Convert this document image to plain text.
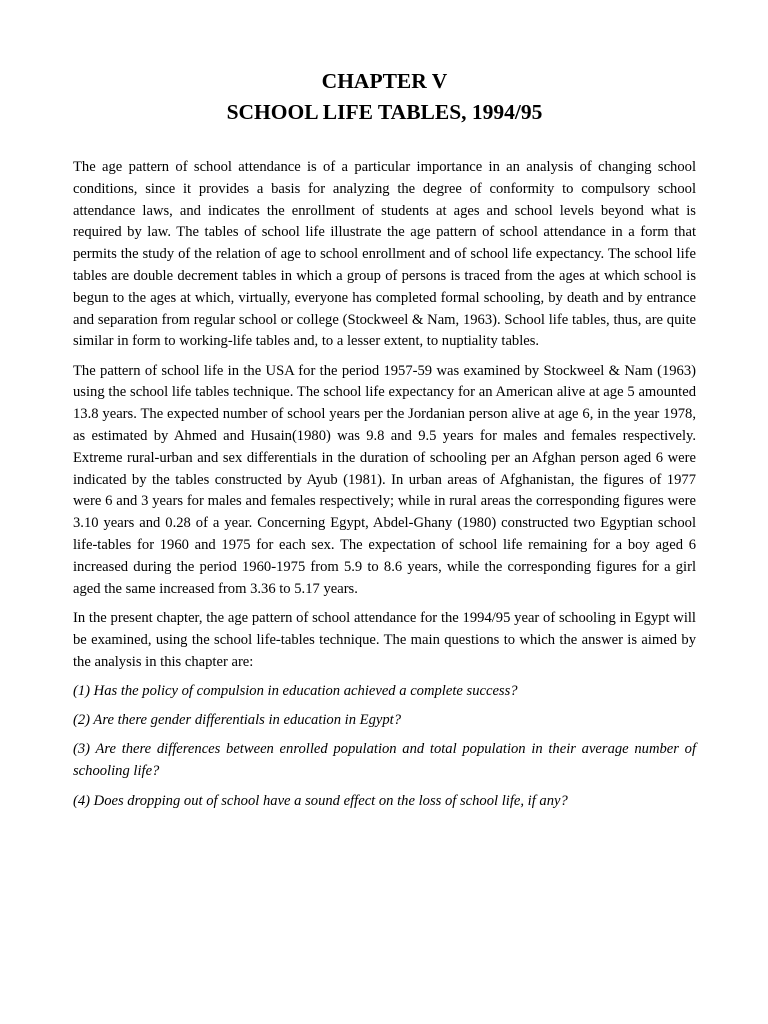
CHAPTER V
SCHOOL LIFE TABLES, 1994/95

The age pattern of school attendance is of a particular importance in an analysis of changing school conditions, since it provides a basis for analyzing the degree of conformity to compulsory school attendance laws, and indicates the enrollment of students at ages and school levels beyond what is required by law. The tables of school life illustrate the age pattern of school attendance in a form that permits the study of the relation of age to school enrollment and of school life expectancy. The school life tables are double decrement tables in which a group of persons is traced from the ages at which school is begun to the ages at which, virtually, everyone has completed formal schooling, by death and by entrance and separation from regular school or college (Stockweel & Nam, 1963). School life tables, thus, are quite similar in form to working-life tables and, to a lesser extent, to nuptiality tables.

The pattern of school life in the USA for the period 1957-59 was examined by Stockweel & Nam (1963) using the school life tables technique. The school life expectancy for an American alive at age 5 amounted 13.8 years. The expected number of school years per the Jordanian person alive at age 6, in the year 1978, as estimated by Ahmed and Husain(1980) was 9.8 and 9.5 years for males and females respectively. Extreme rural-urban and sex differentials in the duration of schooling per an Afghan person aged 6 were indicated by the tables constructed by Ayub (1981). In urban areas of Afghanistan, the figures of 1977 were 6 and 3 years for males and females respectively; while in rural areas the corresponding figures were 3.10 years and 0.28 of a year. Concerning Egypt, Abdel-Ghany (1980) constructed two Egyptian school life-tables for 1960 and 1975 for each sex. The expectation of school life remaining for a boy aged 6 increased during the period 1960-1975 from 5.9 to 8.6 years, while the corresponding figures for a girl aged the same increased from 3.36 to 5.17 years.

In the present chapter, the age pattern of school attendance for the 1994/95 year of schooling in Egypt will be examined, using the school life-tables technique. The main questions to which the answer is aimed by the analysis in this chapter are:

(1) Has the policy of compulsion in education achieved a complete success?

(2) Are there gender differentials in education in Egypt?

(3) Are there differences between enrolled population and total population in their average number of schooling life?

(4) Does dropping out of school have a sound effect on the loss of school life, if any?
